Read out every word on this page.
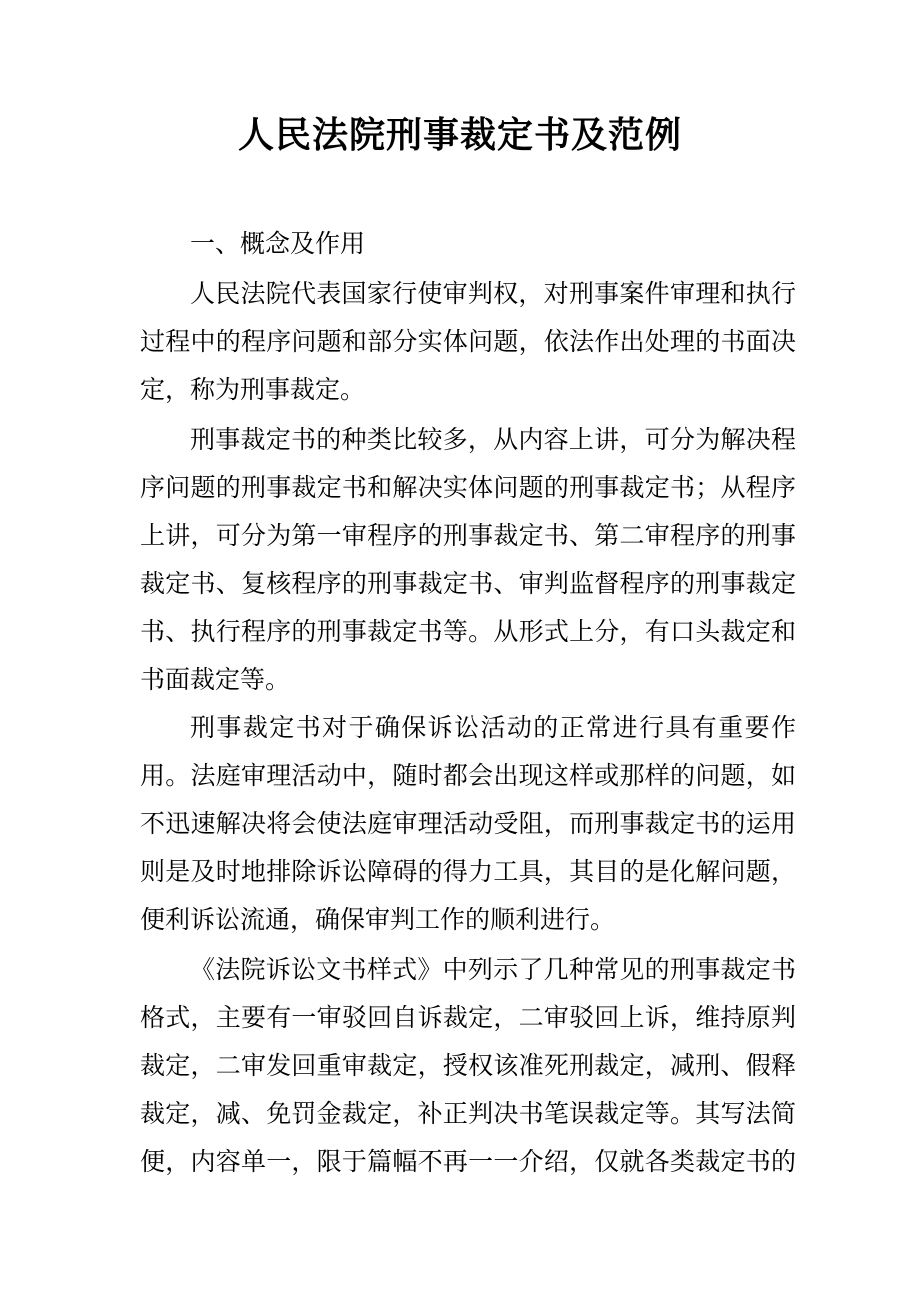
人民法院刑事裁定书及范例
一、概念及作用
人民法院代表国家行使审判权，对刑事案件审理和执行
过程中的程序问题和部分实体问题，依法作出处理的书面决
定，称为刑事裁定。
刑事裁定书的种类比较多，从内容上讲，可分为解决程
序问题的刑事裁定书和解决实体问题的刑事裁定书；从程序
上讲，可分为第一审程序的刑事裁定书、第二审程序的刑事
裁定书、复核程序的刑事裁定书、审判监督程序的刑事裁定
书、执行程序的刑事裁定书等。从形式上分，有口头裁定和
书面裁定等。
刑事裁定书对于确保诉讼活动的正常进行具有重要作
用。法庭审理活动中，随时都会出现这样或那样的问题，如
不迅速解决将会使法庭审理活动受阻，而刑事裁定书的运用
则是及时地排除诉讼障碍的得力工具，其目的是化解问题，
便利诉讼流通，确保审判工作的顺利进行。
《法院诉讼文书样式》中列示了几种常见的刑事裁定书
格式，主要有一审驳回自诉裁定，二审驳回上诉，维持原判
裁定，二审发回重审裁定，授权该准死刑裁定，减刑、假释
裁定，减、免罚金裁定，补正判决书笔误裁定等。其写法简
便，内容单一，限于篇幅不再一一介绍，仅就各类裁定书的
